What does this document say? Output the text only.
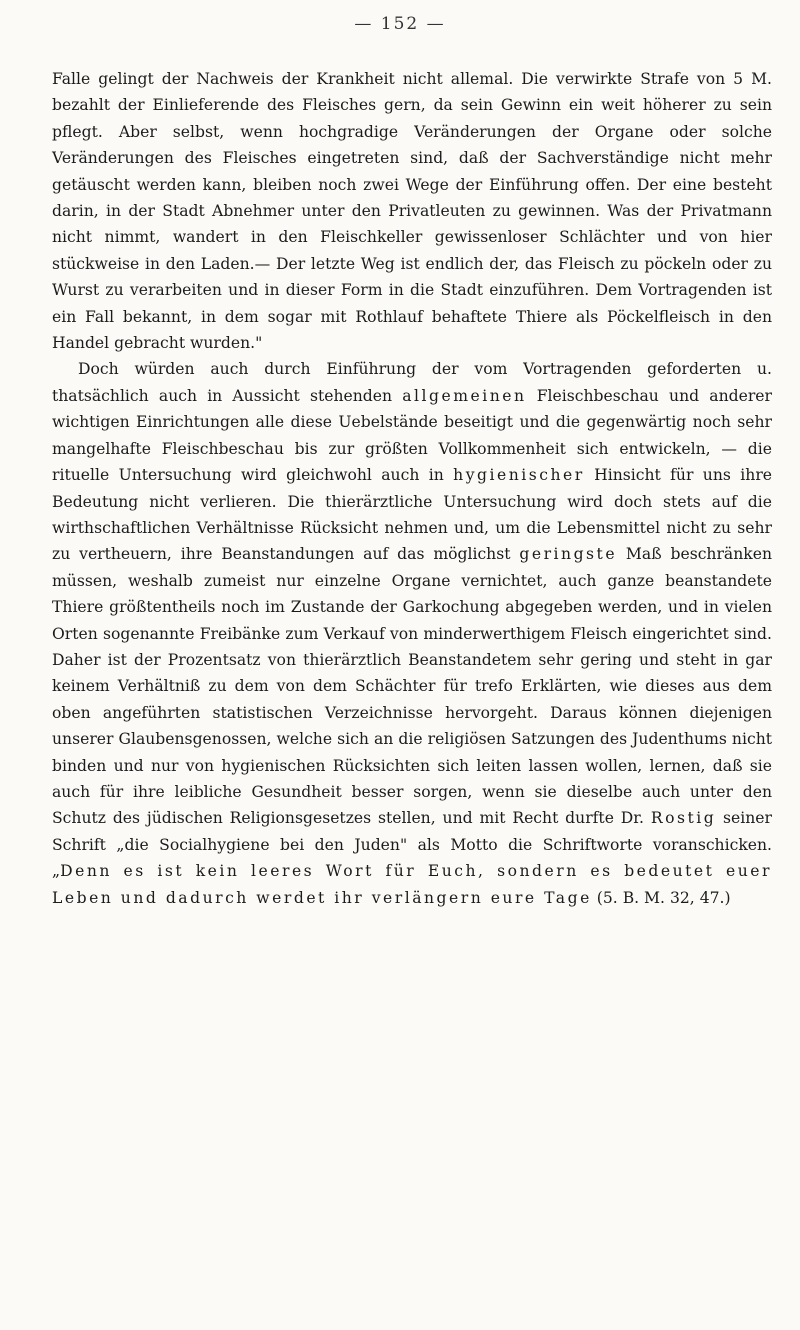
— 152 —

Falle gelingt der Nachweis der Krankheit nicht allemal. Die verwirkte Strafe von 5 M. bezahlt der Einlieferende des Fleisches gern, da sein Gewinn ein weit höherer zu sein pflegt. Aber selbst, wenn hochgradige Veränderungen der Organe oder solche Veränderungen des Fleisches eingetreten sind, daß der Sachverständige nicht mehr getäuscht werden kann, bleiben noch zwei Wege der Einführung offen. Der eine besteht darin, in der Stadt Abnehmer unter den Privatleuten zu gewinnen. Was der Privatmann nicht nimmt, wandert in den Fleischkeller gewissenloser Schlächter und von hier stückweise in den Laden.— Der letzte Weg ist endlich der, das Fleisch zu pöckeln oder zu Wurst zu verarbeiten und in dieser Form in die Stadt einzuführen. Dem Vortragenden ist ein Fall bekannt, in dem sogar mit Rothlauf behaftete Thiere als Pöckelfleisch in den Handel gebracht wurden."

Doch würden auch durch Einführung der vom Vortragenden geforderten u. thatsächlich auch in Aussicht stehenden allgemeinen Fleischbeschau und anderer wichtigen Einrichtungen alle diese Uebelstände beseitigt und die gegenwärtig noch sehr mangelhafte Fleischbeschau bis zur größten Vollkommenheit sich entwickeln, — die rituelle Untersuchung wird gleichwohl auch in hygienischer Hinsicht für uns ihre Bedeutung nicht verlieren. Die thierärztliche Untersuchung wird doch stets auf die wirthschaftlichen Verhältnisse Rücksicht nehmen und, um die Lebensmittel nicht zu sehr zu vertheuern, ihre Beanstandungen auf das möglichst geringste Maß beschränken müssen, weshalb zumeist nur einzelne Organe vernichtet, auch ganze beanstandete Thiere größtentheils noch im Zustande der Garkochung abgegeben werden, und in vielen Orten sogenannte Freibänke zum Verkauf von minderwerthigem Fleisch eingerichtet sind. Daher ist der Prozentsatz von thierärztlich Beanstandetem sehr gering und steht in gar keinem Verhältniß zu dem von dem Schächter für trefo Erklärten, wie dieses aus dem oben angeführten statistischen Verzeichnisse hervorgeht. Daraus können diejenigen unserer Glaubensgenossen, welche sich an die religiösen Satzungen des Judenthums nicht binden und nur von hygienischen Rücksichten sich leiten lassen wollen, lernen, daß sie auch für ihre leibliche Gesundheit besser sorgen, wenn sie dieselbe auch unter den Schutz des jüdischen Religionsgesetzes stellen, und mit Recht durfte Dr. Rostig seiner Schrift „die Socialhygiene bei den Juden" als Motto die Schriftworte voranschicken. „Denn es ist kein leeres Wort für Euch, sondern es bedeutet euer Leben und dadurch werdet ihr verlängern eure Tage (5. B. M. 32, 47.)
